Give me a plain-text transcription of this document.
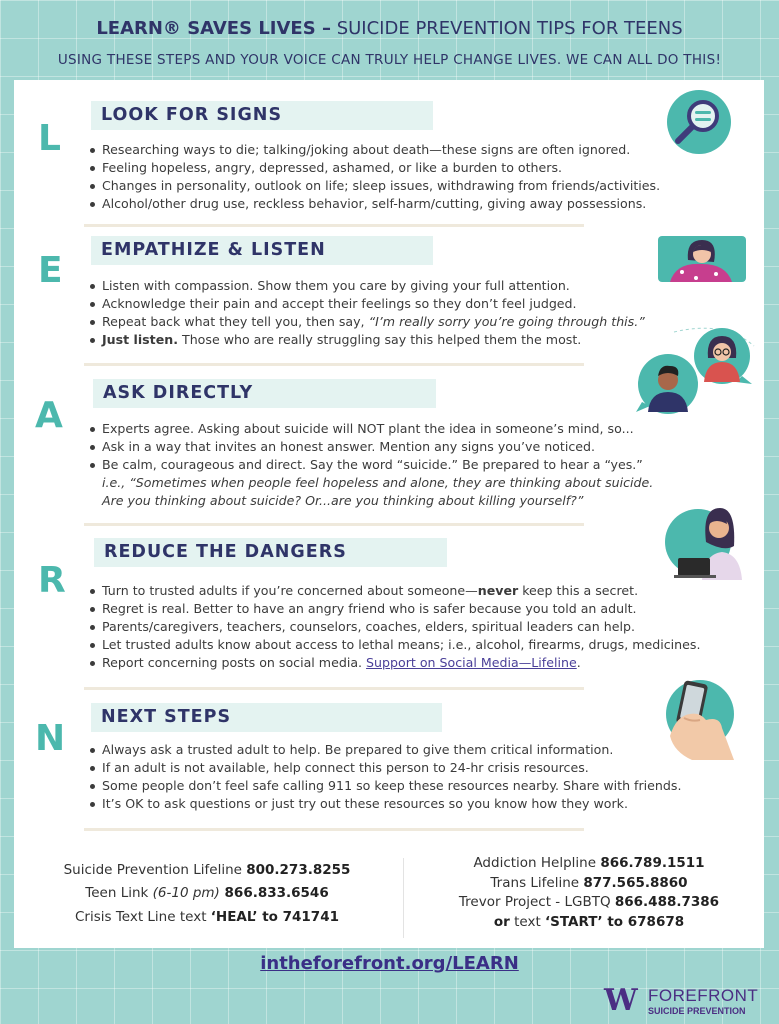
LEARN® SAVES LIVES – SUICIDE PREVENTION TIPS FOR TEENS
USING THESE STEPS AND YOUR VOICE CAN TRULY HELP CHANGE LIVES. WE CAN ALL DO THIS!
L
LOOK FOR SIGNS
Researching ways to die; talking/joking about death—these signs are often ignored.
Feeling hopeless, angry, depressed, ashamed, or like a burden to others.
Changes in personality, outlook on life; sleep issues, withdrawing from friends/activities.
Alcohol/other drug use, reckless behavior, self-harm/cutting, giving away possessions.
E	EMPATHIZE & LISTEN
Listen with compassion. Show them you care by giving your full attention.
Acknowledge their pain and accept their feelings so they don’t feel judged.
Repeat back what they tell you, then say, “I’m really sorry you’re going through this.”
Just listen. Those who are really struggling say this helped them the most.
A
ASK DIRECTLY
Experts agree. Asking about suicide will NOT plant the idea in someone’s mind, so...
Ask in a way that invites an honest answer. Mention any signs you’ve noticed.
Be calm, courageous and direct. Say the word “suicide.” Be prepared to hear a “yes.”
i.e., “Sometimes when people feel hopeless and alone, they are thinking about suicide.
Are you thinking about suicide? Or...are you thinking about killing yourself?”
R
REDUCE THE DANGERS
Turn to trusted adults if you’re concerned about someone—never keep this a secret.
Regret is real. Better to have an angry friend who is safer because you told an adult.
Parents/caregivers, teachers, counselors, coaches, elders, spiritual leaders can help.
Let trusted adults know about access to lethal means; i.e., alcohol, firearms, drugs, medicines.
Report concerning posts on social media. Support on Social Media—Lifeline.
N
NEXT STEPS
Always ask a trusted adult to help. Be prepared to give them critical information.
If an adult is not available, help connect this person to 24-hr crisis resources.
Some people don’t feel safe calling 911 so keep these resources nearby. Share with friends.
It’s OK to ask questions or just try out these resources so you know how they work.
Suicide Prevention Lifeline 800.273.8255
Teen Link (6-10 pm) 866.833.6546
Crisis Text Line text ‘HEAL’ to 741741
Addiction Helpline 866.789.1511
Trans Lifeline 877.565.8860
Trevor Project - LGBTQ 866.488.7386
or text ‘START’ to 678678
intheforefront.org/LEARN
W FOREFRONT
SUICIDE PREVENTION
